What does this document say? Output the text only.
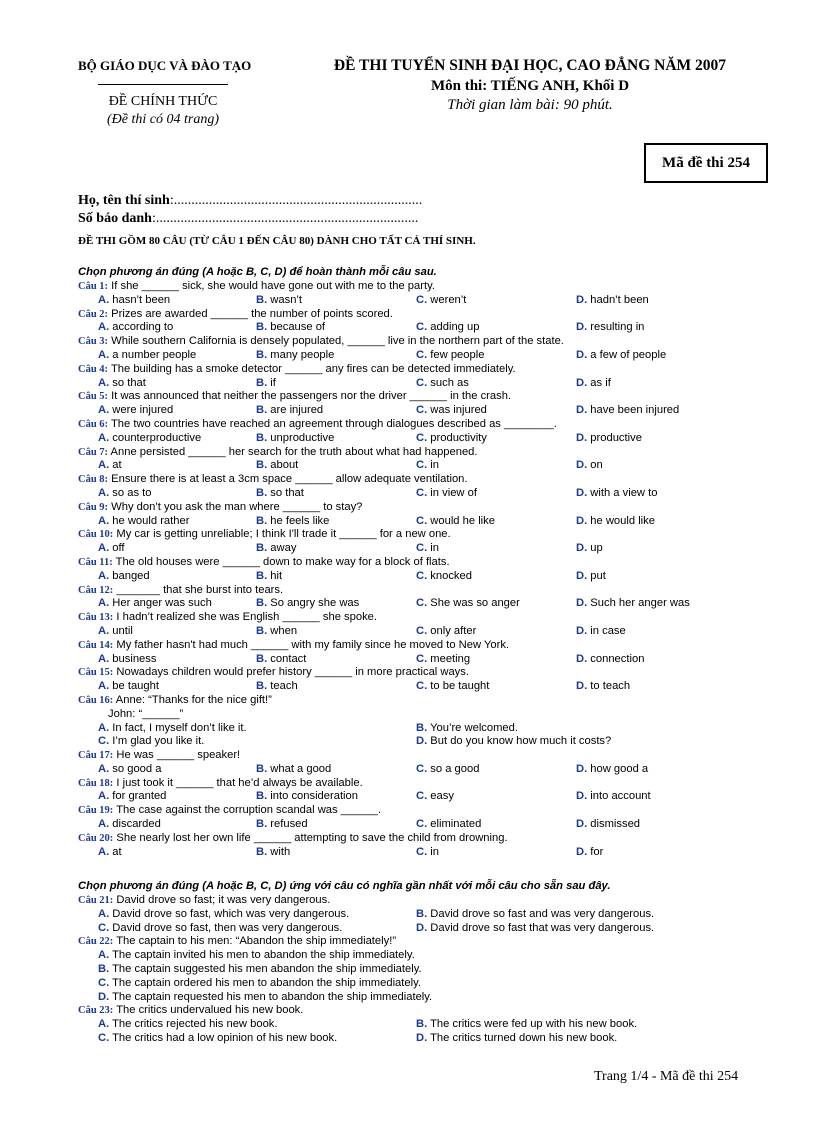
BỘ GIÁO DỤC VÀ ĐÀO TẠO
ĐỀ CHÍNH THỨC
(Đề thi có 04 trang)
ĐỀ THI TUYỂN SINH ĐẠI HỌC, CAO ĐẲNG NĂM 2007
Môn thi: TIẾNG ANH, Khối D
Thời gian làm bài: 90 phút.
Mã đề thi 254
Họ, tên thí sinh:.......................................................................
Số báo danh:...........................................................................
ĐỀ THI GỒM 80 CÂU (TỪ CÂU 1 ĐẾN CÂU 80) DÀNH CHO TẤT CẢ THÍ SINH.
Chọn phương án đúng (A hoặc B, C, D) để hoàn thành mỗi câu sau.
Câu 1: If she ______ sick, she would have gone out with me to the party.
A. hasn’t been	B. wasn’t	C. weren’t	D. hadn’t been
Câu 2: Prizes are awarded ______ the number of points scored.
A. according to	B. because of	C. adding up	D. resulting in
Câu 3: While southern California is densely populated, ______ live in the northern part of the state.
A. a number people	B. many people	C. few people	D. a few of people
Câu 4: The building has a smoke detector ______ any fires can be detected immediately.
A. so that	B. if	C. such as	D. as if
Câu 5: It was announced that neither the passengers nor the driver ______ in the crash.
A. were injured	B. are injured	C. was injured	D. have been injured
Câu 6: The two countries have reached an agreement through dialogues described as ________.
A. counterproductive	B. unproductive	C. productivity	D. productive
Câu 7: Anne persisted ______ her search for the truth about what had happened.
A. at	B. about	C. in	D. on
Câu 8: Ensure there is at least a 3cm space ______ allow adequate ventilation.
A. so as to	B. so that	C. in view of	D. with a view to
Câu 9: Why don’t you ask the man where ______ to stay?
A. he would rather	B. he feels like	C. would he like	D. he would like
Câu 10: My car is getting unreliable; I think I'll trade it ______ for a new one.
A. off	B. away	C. in	D. up
Câu 11: The old houses were ______ down to make way for a block of flats.
A. banged	B. hit	C. knocked	D. put
Câu 12: _______ that she burst into tears.
A. Her anger was such	B. So angry she was	C. She was so anger	D. Such her anger was
Câu 13: I hadn’t realized she was English ______ she spoke.
A. until	B. when	C. only after	D. in case
Câu 14: My father hasn't had much ______ with my family since he moved to New York.
A. business	B. contact	C. meeting	D. connection
Câu 15: Nowadays children would prefer history ______ in more practical ways.
A. be taught	B. teach	C. to be taught	D. to teach
Câu 16: Anne: “Thanks for the nice gift!”
John: “______”
A. In fact, I myself don’t like it.	B. You’re welcomed.
C. I’m glad you like it.	D. But do you know how much it costs?
Câu 17: He was ______ speaker!
A. so good a	B. what a good	C. so a good	D. how good a
Câu 18: I just took it ______ that he’d always be available.
A. for granted	B. into consideration	C. easy	D. into account
Câu 19: The case against the corruption scandal was ______.
A. discarded	B. refused	C. eliminated	D. dismissed
Câu 20: She nearly lost her own life ______ attempting to save the child from drowning.
A. at	B. with	C. in	D. for
Chọn phương án đúng (A hoặc B, C, D) ứng với câu có nghĩa gần nhất với mỗi câu cho sẵn sau đây.
Câu 21: David drove so fast; it was very dangerous.
A. David drove so fast, which was very dangerous.	B. David drove so fast and was very dangerous.
C. David drove so fast, then was very dangerous.	D. David drove so fast that was very dangerous.
Câu 22: The captain to his men: “Abandon the ship immediately!”
A. The captain invited his men to abandon the ship immediately.
B. The captain suggested his men abandon the ship immediately.
C. The captain ordered his men to abandon the ship immediately.
D. The captain requested his men to abandon the ship immediately.
Câu 23: The critics undervalued his new book.
A. The critics rejected his new book.	B. The critics were fed up with his new book.
C. The critics had a low opinion of his new book.	D. The critics turned down his new book.
Trang 1/4 - Mã đề thi 254
